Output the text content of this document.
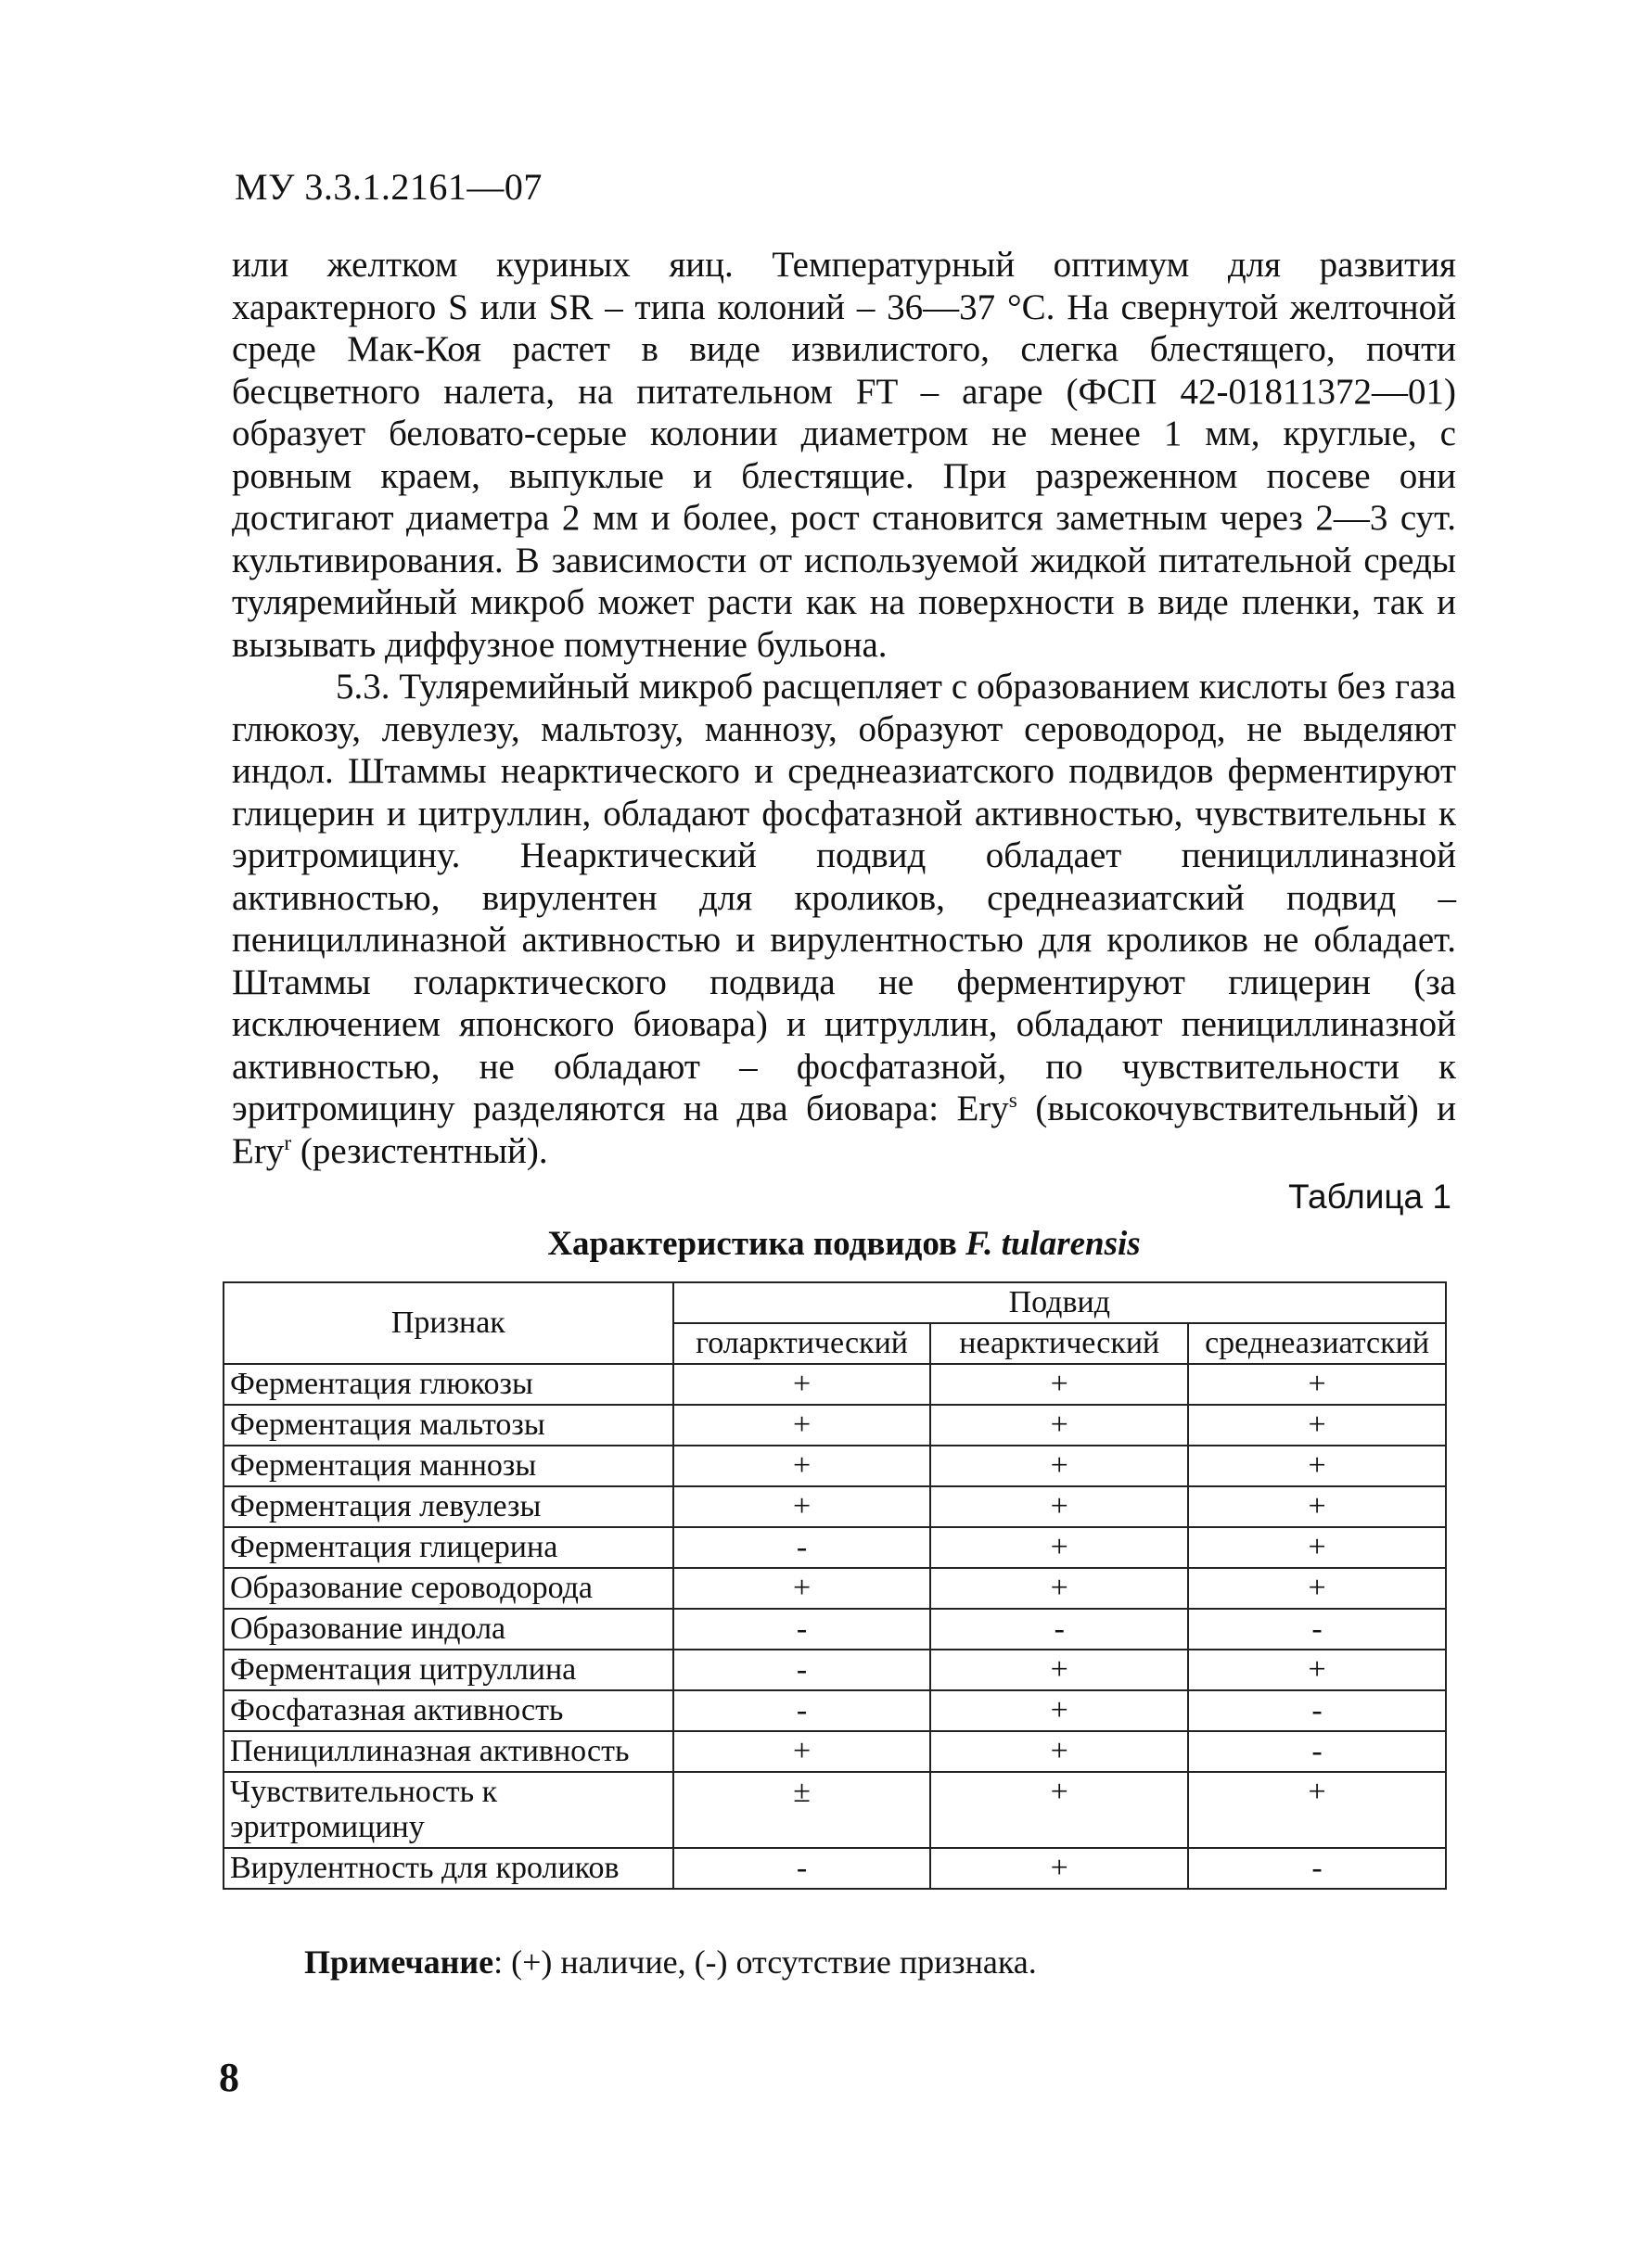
МУ 3.3.1.2161—07

или желтком куриных яиц. Температурный оптимум для развития характерного S или SR – типа колоний – 36—37 °С. На свернутой желточной среде Мак-Коя растет в виде извилистого, слегка блестящего, почти бесцветного налета, на питательном FT – агаре (ФСП 42-01811372—01) образует беловато-серые колонии диаметром не менее 1 мм, круглые, с ровным краем, выпуклые и блестящие. При разреженном посеве они достигают диаметра 2 мм и более, рост становится заметным через 2—3 сут. культивирования. В зависимости от используемой жидкой питательной среды туляремийный микроб может расти как на поверхности в виде пленки, так и вызывать диффузное помутнение бульона.

5.3. Туляремийный микроб расщепляет с образованием кислоты без газа глюкозу, левулезу, мальтозу, маннозу, образуют сероводород, не выделяют индол. Штаммы неарктического и среднеазиатского подвидов ферментируют глицерин и цитруллин, обладают фосфатазной активностью, чувствительны к эритромицину. Неарктический подвид обладает пенициллиназной активностью, вирулентен для кроликов, среднеазиатский подвид – пенициллиназной активностью и вирулентностью для кроликов не обладает. Штаммы голарктического подвида не ферментируют глицерин (за исключением японского биовара) и цитруллин, обладают пенициллиназной активностью, не обладают – фосфатазной, по чувствительности к эритромицину разделяются на два биовара: Ery$^s$ (высокочувствительный) и Ery$^r$ (резистентный).

Таблица 1
Характеристика подвидов F. tularensis
Признак	Подвид		
	голарктический	неарктический	среднеазиатский
Ферментация глюкозы	+	+	+
Ферментация мальтозы	+	+	+
Ферментация маннозы	+	+	+
Ферментация левулезы	+	+	+
Ферментация глицерина	-	+	+
Образование сероводорода	+	+	+
Образование индола	-	-	-
Ферментация цитруллина	-	+	+
Фосфатазная активность	-	+	-
Пенициллиназная активность	+	+	-
Чувствительность к эритромицину	±	+	+
Вирулентность для кроликов	-	+	-
Примечание: (+) наличие, (-) отсутствие признака.
8
